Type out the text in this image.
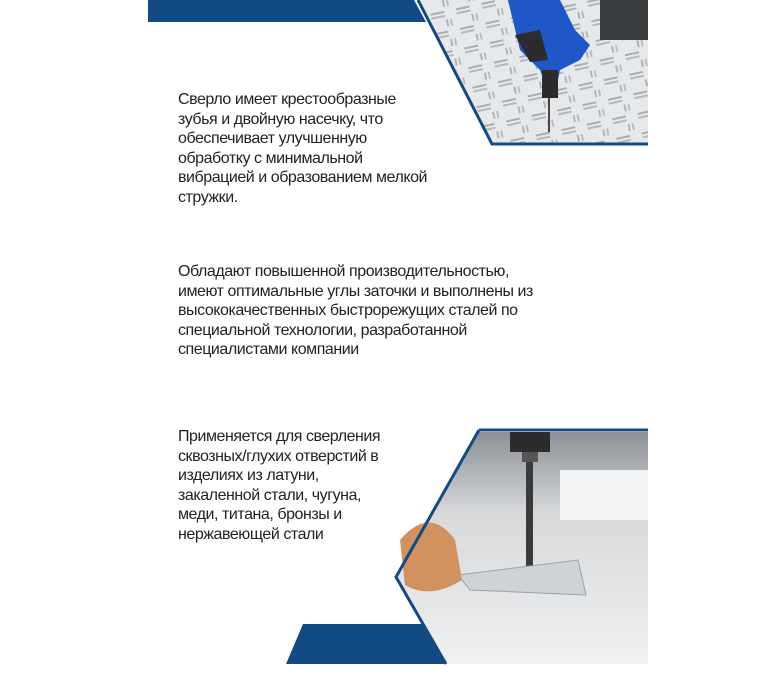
Сверло имеет крестообразные
зубья и двойную насечку, что
обеспечивает улучшенную
обработку с минимальной
вибрацией и образованием мелкой
стружки.

Обладают повышенной производительностью,
имеют оптимальные углы заточки и выполнены из
высококачественных быстрорежущих сталей по
специальной технологии, разработанной
специалистами компании

Применяется для сверления
сквозных/глухих отверстий в
изделиях из латуни,
закаленной стали, чугуна,
меди, титана, бронзы и
нержавеющей стали
